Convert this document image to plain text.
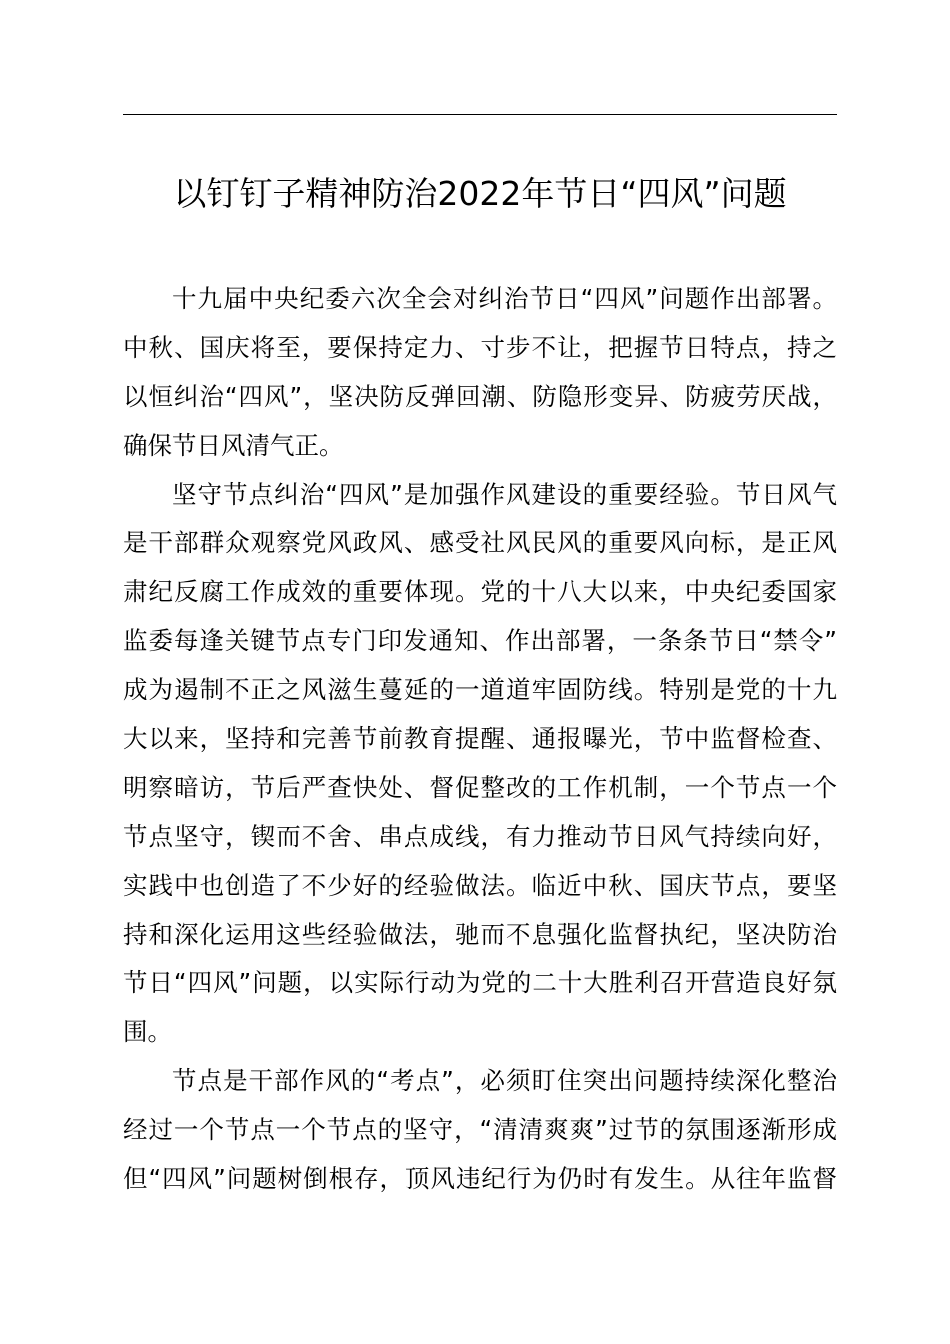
以钉钉子精神防治2022年节日“四风”问题
十九届中央纪委六次全会对纠治节日“四风”问题作出部署。
中秋、国庆将至，要保持定力、寸步不让，把握节日特点，持之
以恒纠治“四风”，坚决防反弹回潮、防隐形变异、防疲劳厌战，
确保节日风清气正。
坚守节点纠治“四风”是加强作风建设的重要经验。节日风气
是干部群众观察党风政风、感受社风民风的重要风向标，是正风
肃纪反腐工作成效的重要体现。党的十八大以来，中央纪委国家
监委每逢关键节点专门印发通知、作出部署，一条条节日“禁令”
成为遏制不正之风滋生蔓延的一道道牢固防线。特别是党的十九
大以来，坚持和完善节前教育提醒、通报曝光，节中监督检查、
明察暗访，节后严查快处、督促整改的工作机制，一个节点一个
节点坚守，锲而不舍、串点成线，有力推动节日风气持续向好，
实践中也创造了不少好的经验做法。临近中秋、国庆节点，要坚
持和深化运用这些经验做法，驰而不息强化监督执纪，坚决防治
节日“四风”问题，以实际行动为党的二十大胜利召开营造良好氛
围。
节点是干部作风的“考点”，必须盯住突出问题持续深化整治
经过一个节点一个节点的坚守，“清清爽爽”过节的氛围逐渐形成
但“四风”问题树倒根存，顶风违纪行为仍时有发生。从往年监督
